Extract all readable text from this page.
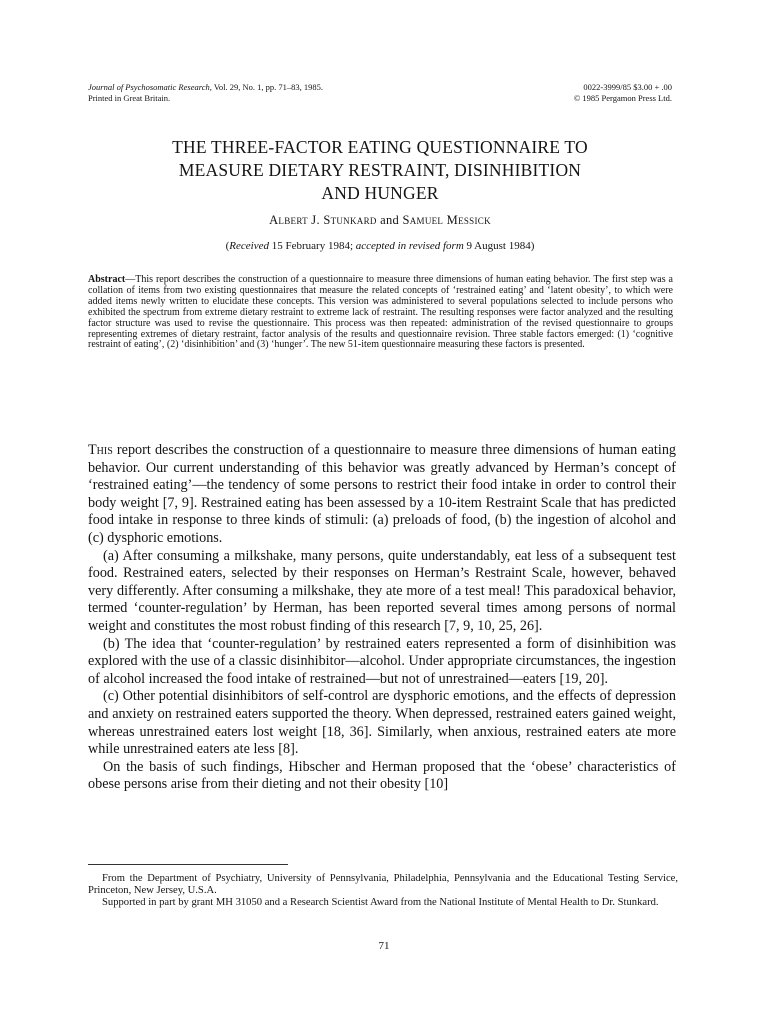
Journal of Psychosomatic Research, Vol. 29, No. 1, pp. 71–83, 1985.
Printed in Great Britain.
0022-3999/85 $3.00 + .00
© 1985 Pergamon Press Ltd.
THE THREE-FACTOR EATING QUESTIONNAIRE TO
MEASURE DIETARY RESTRAINT, DISINHIBITION
AND HUNGER
Albert J. Stunkard and Samuel Messick
(Received 15 February 1984; accepted in revised form 9 August 1984)
Abstract—This report describes the construction of a questionnaire to measure three dimensions of human eating behavior. The first step was a collation of items from two existing questionnaires that measure the related concepts of ‘restrained eating’ and ‘latent obesity’, to which were added items newly written to elucidate these concepts. This version was administered to several populations selected to include persons who exhibited the spectrum from extreme dietary restraint to extreme lack of restraint. The resulting responses were factor analyzed and the resulting factor structure was used to revise the questionnaire. This process was then repeated: administration of the revised questionnaire to groups representing extremes of dietary restraint, factor analysis of the results and questionnaire revision. Three stable factors emerged: (1) ‘cognitive restraint of eating’, (2) ‘disinhibition’ and (3) ‘hunger’. The new 51-item questionnaire measuring these factors is presented.

This report describes the construction of a questionnaire to measure three dimensions of human eating behavior. Our current understanding of this behavior was greatly advanced by Herman’s concept of ‘restrained eating’—the tendency of some persons to restrict their food intake in order to control their body weight [7, 9]. Restrained eating has been assessed by a 10-item Restraint Scale that has predicted food intake in response to three kinds of stimuli: (a) preloads of food, (b) the ingestion of alcohol and (c) dysphoric emotions.

(a) After consuming a milkshake, many persons, quite understandably, eat less of a subsequent test food. Restrained eaters, selected by their responses on Herman’s Restraint Scale, however, behaved very differently. After consuming a milkshake, they ate more of a test meal! This paradoxical behavior, termed ‘counter-regulation’ by Herman, has been reported several times among persons of normal weight and constitutes the most robust finding of this research [7, 9, 10, 25, 26].

(b) The idea that ‘counter-regulation’ by restrained eaters represented a form of disinhibition was explored with the use of a classic disinhibitor—alcohol. Under appropriate circumstances, the ingestion of alcohol increased the food intake of restrained—but not of unrestrained—eaters [19, 20].

(c) Other potential disinhibitors of self-control are dysphoric emotions, and the effects of depression and anxiety on restrained eaters supported the theory. When depressed, restrained eaters gained weight, whereas unrestrained eaters lost weight [18, 36]. Similarly, when anxious, restrained eaters ate more while unrestrained eaters ate less [8].

On the basis of such findings, Hibscher and Herman proposed that the ‘obese’ characteristics of obese persons arise from their dieting and not their obesity [10]

From the Department of Psychiatry, University of Pennsylvania, Philadelphia, Pennsylvania and the Educational Testing Service, Princeton, New Jersey, U.S.A.

Supported in part by grant MH 31050 and a Research Scientist Award from the National Institute of Mental Health to Dr. Stunkard.

71
